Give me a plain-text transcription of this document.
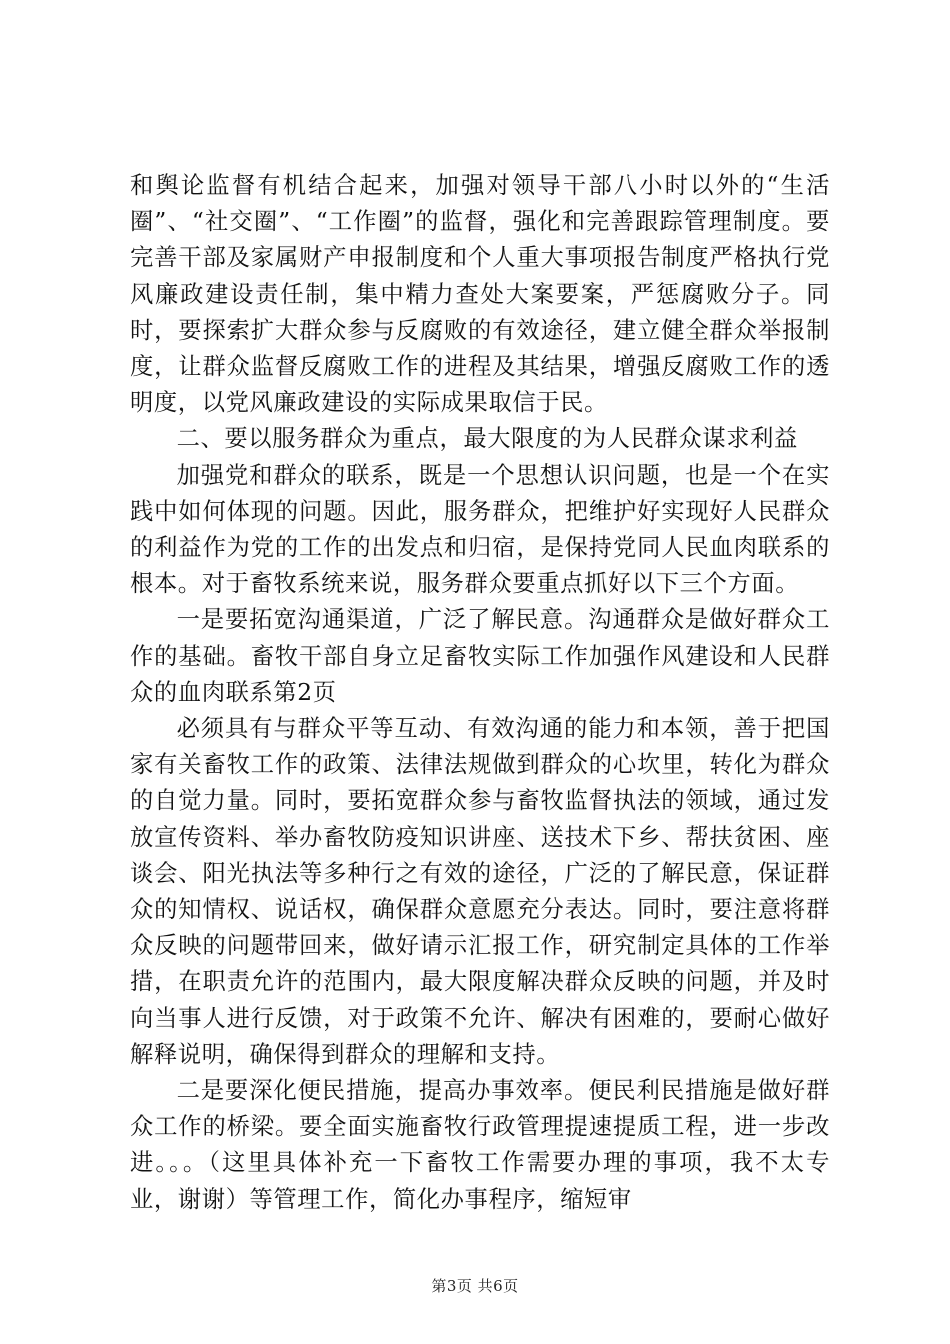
和舆论监督有机结合起来，加强对领导干部八小时以外的“生活圈”、“社交圈”、“工作圈”的监督，强化和完善跟踪管理制度。要完善干部及家属财产申报制度和个人重大事项报告制度严格执行党风廉政建设责任制，集中精力查处大案要案，严惩腐败分子。同时，要探索扩大群众参与反腐败的有效途径，建立健全群众举报制度，让群众监督反腐败工作的进程及其结果，增强反腐败工作的透明度，以党风廉政建设的实际成果取信于民。

二、要以服务群众为重点，最大限度的为人民群众谋求利益

加强党和群众的联系，既是一个思想认识问题，也是一个在实践中如何体现的问题。因此，服务群众，把维护好实现好人民群众的利益作为党的工作的出发点和归宿，是保持党同人民血肉联系的根本。对于畜牧系统来说，服务群众要重点抓好以下三个方面。

一是要拓宽沟通渠道，广泛了解民意。沟通群众是做好群众工作的基础。畜牧干部自身立足畜牧实际工作加强作风建设和人民群众的血肉联系第2页

必须具有与群众平等互动、有效沟通的能力和本领，善于把国家有关畜牧工作的政策、法律法规做到群众的心坎里，转化为群众的自觉力量。同时，要拓宽群众参与畜牧监督执法的领域，通过发放宣传资料、举办畜牧防疫知识讲座、送技术下乡、帮扶贫困、座谈会、阳光执法等多种行之有效的途径，广泛的了解民意，保证群众的知情权、说话权，确保群众意愿充分表达。同时，要注意将群众反映的问题带回来，做好请示汇报工作，研究制定具体的工作举措，在职责允许的范围内，最大限度解决群众反映的问题，并及时向当事人进行反馈，对于政策不允许、解决有困难的，要耐心做好解释说明，确保得到群众的理解和支持。

二是要深化便民措施，提高办事效率。便民利民措施是做好群众工作的桥梁。要全面实施畜牧行政管理提速提质工程，进一步改进。。。（这里具体补充一下畜牧工作需要办理的事项，我不太专业，谢谢）等管理工作，简化办事程序，缩短审

第3页 共6页
